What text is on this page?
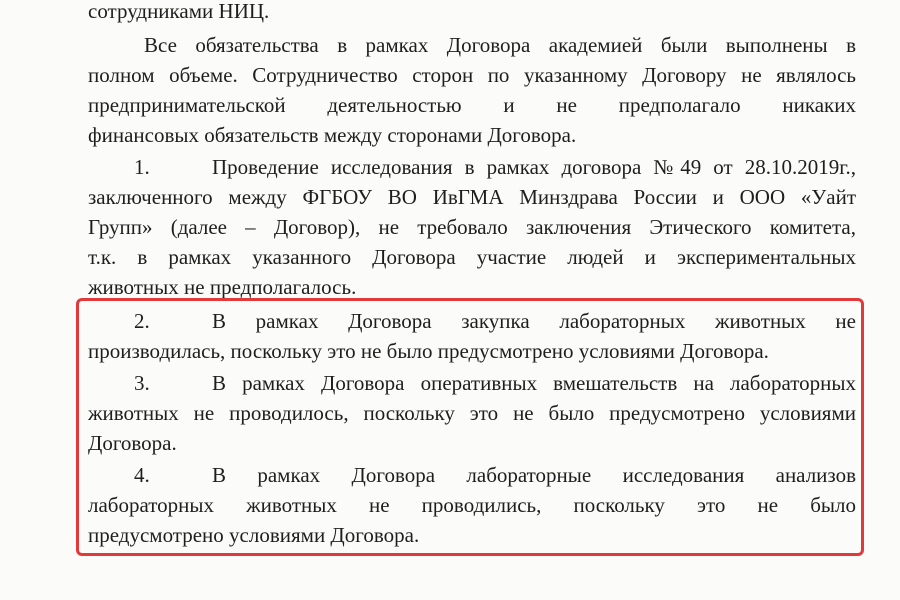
сотрудниками НИЦ.

Все обязательства в рамках Договора академией были выполнены в
полном объеме. Сотрудничество сторон по указанному Договору не являлось
предпринимательской деятельностью и не предполагало никаких
финансовых обязательств между сторонами Договора.

1.	Проведение исследования в рамках договора №49 от 28.10.2019г.,
заключенного между ФГБОУ ВО ИвГМА Минздрава России и ООО «Уайт
Групп» (далее – Договор), не требовало заключения Этического комитета,
т.к. в рамках указанного Договора участие людей и экспериментальных
животных не предполагалось.
2.	В рамках Договора закупка лабораторных животных не
производилась, поскольку это не было предусмотрено условиями Договора.
3.	В рамках Договора оперативных вмешательств на лабораторных
животных не проводилось, поскольку это не было предусмотрено условиями
Договора.
4.	В рамках Договора лабораторные исследования анализов
лабораторных животных не проводились, поскольку это не было
предусмотрено условиями Договора.
